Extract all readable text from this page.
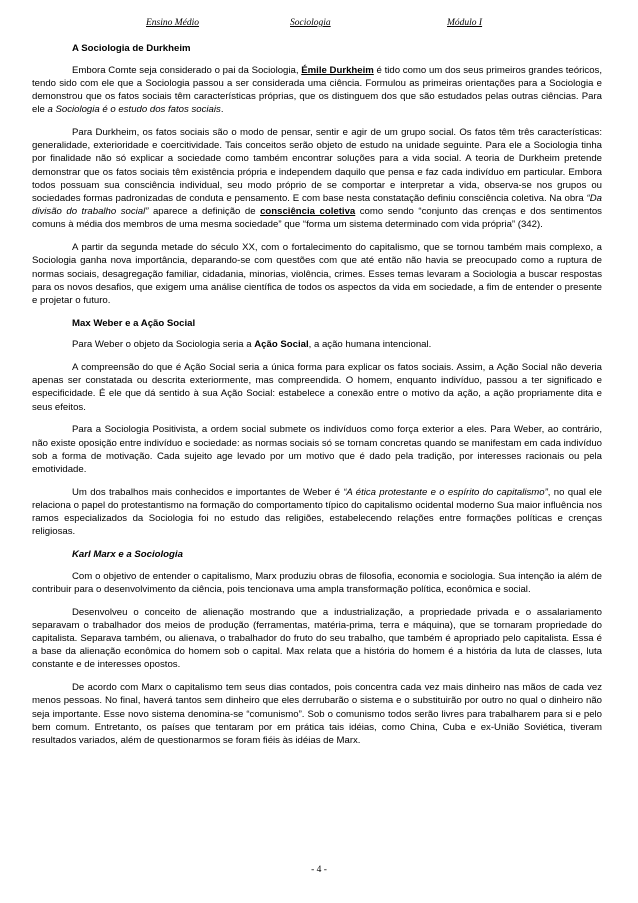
Ensino Médio	Sociologia	Módulo I
A Sociologia de Durkheim

Embora Comte seja considerado o pai da Sociologia, Émile Durkheim é tido como um dos seus primeiros grandes teóricos, tendo sido com ele que a Sociologia passou a ser considerada uma ciência. Formulou as primeiras orientações para a Sociologia e demonstrou que os fatos sociais têm características próprias, que os distinguem dos que são estudados pelas outras ciências. Para ele a Sociologia é o estudo dos fatos sociais.

Para Durkheim, os fatos sociais são o modo de pensar, sentir e agir de um grupo social. Os fatos têm três características: generalidade, exterioridade e coercitividade. Tais conceitos serão objeto de estudo na unidade seguinte. Para ele a Sociologia tinha por finalidade não só explicar a sociedade como também encontrar soluções para a vida social. A teoria de Durkheim pretende demonstrar que os fatos sociais têm existência própria e independem daquilo que pensa e faz cada indivíduo em particular. Embora todos possuam sua consciência individual, seu modo próprio de se comportar e interpretar a vida, observa-se nos grupos ou sociedades formas padronizadas de conduta e pensamento. E com base nesta constatação definiu consciência coletiva. Na obra “Da divisão do trabalho social” aparece a definição de consciência coletiva como sendo “conjunto das crenças e dos sentimentos comuns à média dos membros de uma mesma sociedade” que “forma um sistema determinado com vida própria” (342).

A partir da segunda metade do século XX, com o fortalecimento do capitalismo, que se tornou também mais complexo, a Sociologia ganha nova importância, deparando-se com questões com que até então não havia se preocupado como a ruptura de normas sociais, desagregação familiar, cidadania, minorias, violência, crimes. Esses temas levaram a Sociologia a buscar respostas para os novos desafios, que exigem uma análise científica de todos os aspectos da vida em sociedade, a fim de entender o presente e projetar o futuro.

Max Weber e a Ação Social

Para Weber o objeto da Sociologia seria a Ação Social, a ação humana intencional.

A compreensão do que é Ação Social seria a única forma para explicar os fatos sociais. Assim, a Ação Social não deveria apenas ser constatada ou descrita exteriormente, mas compreendida. O homem, enquanto indivíduo, passou a ter significado e especificidade. É ele que dá sentido à sua Ação Social: estabelece a conexão entre o motivo da ação, a ação propriamente dita e seus efeitos.

Para a Sociologia Positivista, a ordem social submete os indivíduos como força exterior a eles. Para Weber, ao contrário, não existe oposição entre indivíduo e sociedade: as normas sociais só se tornam concretas quando se manifestam em cada indivíduo sob a forma de motivação. Cada sujeito age levado por um motivo que é dado pela tradição, por interesses racionais ou pela emotividade.

Um dos trabalhos mais conhecidos e importantes de Weber é “A ética protestante e o espírito do capitalismo”, no qual ele relaciona o papel do protestantismo na formação do comportamento típico do capitalismo ocidental moderno Sua maior influência nos ramos especializados da Sociologia foi no estudo das religiões, estabelecendo relações entre formações políticas e crenças religiosas.

Karl Marx e a Sociologia

Com o objetivo de entender o capitalismo, Marx produziu obras de filosofia, economia e sociologia. Sua intenção ia além de contribuir para o desenvolvimento da ciência, pois tencionava uma ampla transformação política, econômica e social.

Desenvolveu o conceito de alienação mostrando que a industrialização, a propriedade privada e o assalariamento separavam o trabalhador dos meios de produção (ferramentas, matéria-prima, terra e máquina), que se tornaram propriedade do capitalista. Separava também, ou alienava, o trabalhador do fruto do seu trabalho, que também é apropriado pelo capitalista. Essa é a base da alienação econômica do homem sob o capital. Max relata que a história do homem é a história da luta de classes, luta constante e de interesses opostos.

De acordo com Marx o capitalismo tem seus dias contados, pois concentra cada vez mais dinheiro nas mãos de cada vez menos pessoas. No final, haverá tantos sem dinheiro que eles derrubarão o sistema e o substituirão por outro no qual o dinheiro não seja importante. Esse novo sistema denomina-se “comunismo”. Sob o comunismo todos serão livres para trabalharem para si e pelo bem comum. Entretanto, os países que tentaram por em prática tais idéias, como China, Cuba e ex-União Soviética, tiveram resultados variados, além de questionarmos se foram fiéis às idéias de Marx.

- 4 -
